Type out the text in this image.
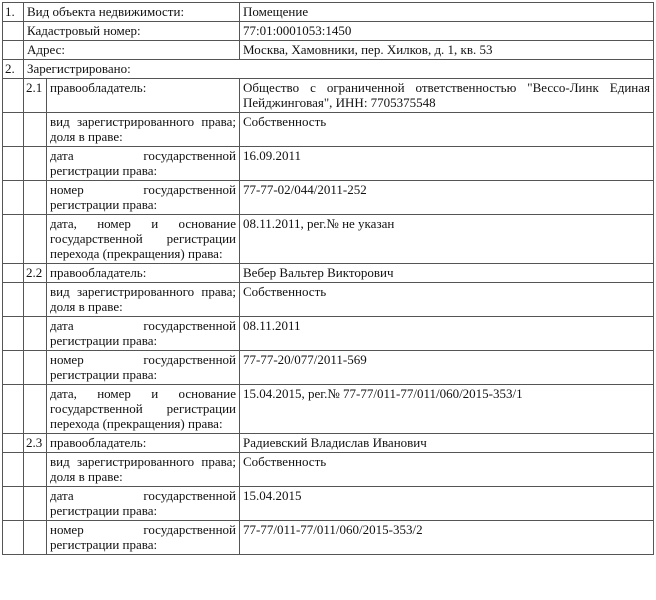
1.	Вид объекта недвижимости:		Помещение
	Кадастровый номер:		77:01:0001053:1450
	Адрес:		Москва, Хамовники, пер. Хилков, д. 1, кв. 53
2.	Зарегистрировано:		
	2.1	правообладатель:	Общество с ограниченной ответственностью "Вессо-Линк Единая Пейджинговая", ИНН: 7705375548
		вид зарегистрированного права; доля в праве:	Собственность
		дата государственной регистрации права:	16.09.2011
		номер государственной регистрации права:	77-77-02/044/2011-252
		дата, номер и основание государственной регистрации перехода (прекращения) права:	08.11.2011, рег.№ не указан
	2.2	правообладатель:	Вебер Вальтер Викторович
		вид зарегистрированного права; доля в праве:	Собственность
		дата государственной регистрации права:	08.11.2011
		номер государственной регистрации права:	77-77-20/077/2011-569
		дата, номер и основание государственной регистрации перехода (прекращения) права:	15.04.2015, рег.№ 77-77/011-77/011/060/2015-353/1
	2.3	правообладатель:	Радиевский Владислав Иванович
		вид зарегистрированного права; доля в праве:	Собственность
		дата государственной регистрации права:	15.04.2015
		номер государственной регистрации права:	77-77/011-77/011/060/2015-353/2
